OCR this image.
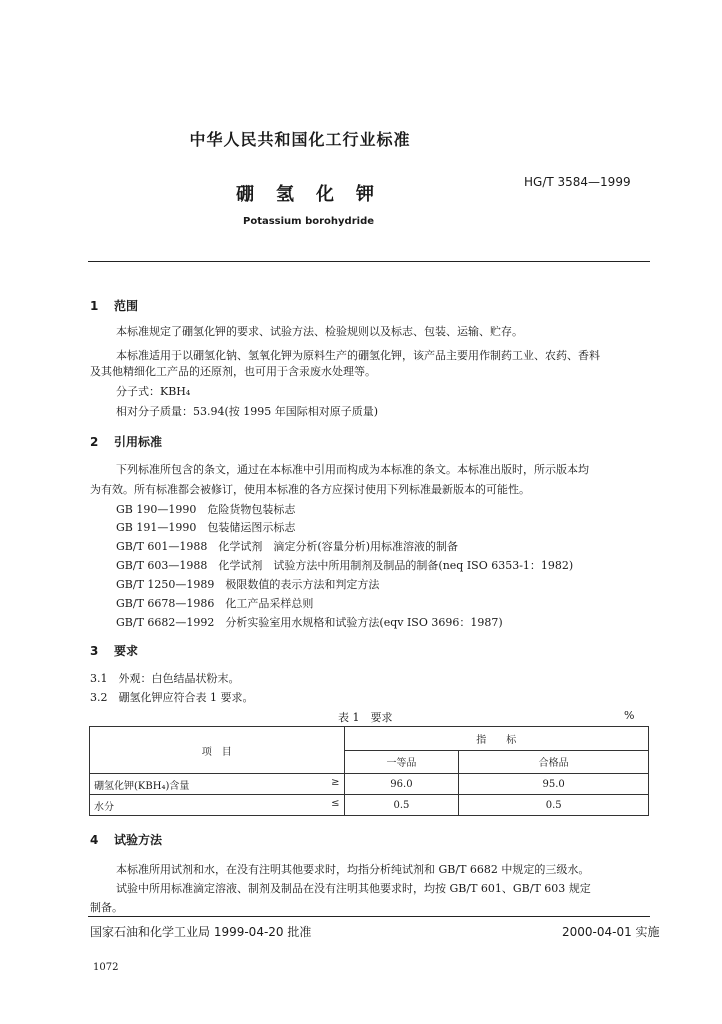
中华人民共和国化工行业标准
HG/T 3584—1999
硼氢化钾
Potassium borohydride
1 范围
本标准规定了硼氢化钾的要求、试验方法、检验规则以及标志、包装、运输、贮存。
本标准适用于以硼氢化钠、氢氧化钾为原料生产的硼氢化钾，该产品主要用作制药工业、农药、香料
及其他精细化工产品的还原剂，也可用于含汞废水处理等。
分子式：KBH₄
相对分子质量：53.94(按 1995 年国际相对原子质量)
2 引用标准
下列标准所包含的条文，通过在本标准中引用而构成为本标准的条文。本标准出版时，所示版本均
为有效。所有标准都会被修订，使用本标准的各方应探讨使用下列标准最新版本的可能性。
GB 190—1990　危险货物包装标志
GB 191—1990　包装储运图示标志
GB/T 601—1988　化学试剂　滴定分析(容量分析)用标准溶液的制备
GB/T 603—1988　化学试剂　试验方法中所用制剂及制品的制备(neq ISO 6353-1：1982)
GB/T 1250—1989　极限数值的表示方法和判定方法
GB/T 6678—1986　化工产品采样总则
GB/T 6682—1992　分析实验室用水规格和试验方法(eqv ISO 3696：1987)
3 要求
3.1　外观：白色结晶状粉末。
3.2　硼氢化钾应符合表 1 要求。
表 1　要求	%
项　目	指　　标	
	一等品	合格品
硼氢化钾(KBH₄)含量 ≥	96.0	95.0
水分 ≤	0.5	0.5
4 试验方法
本标准所用试剂和水，在没有注明其他要求时，均指分析纯试剂和 GB/T 6682 中规定的三级水。
试验中所用标准滴定溶液、制剂及制品在没有注明其他要求时，均按 GB/T 601、GB/T 603 规定
制备。
国家石油和化学工业局 1999-04-20 批准	2000-04-01 实施
1072
